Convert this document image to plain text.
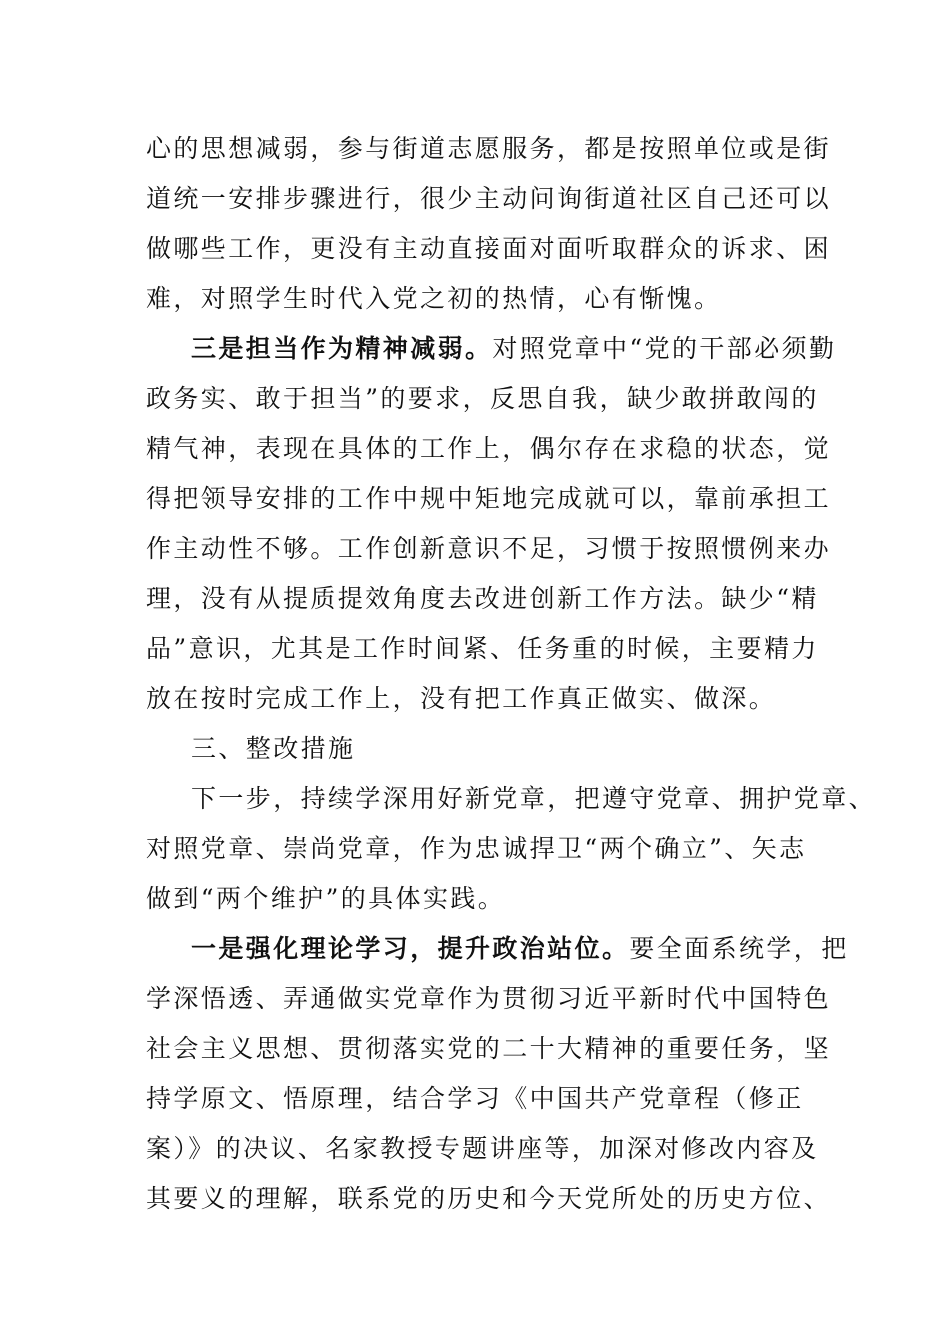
心的思想减弱，参与街道志愿服务，都是按照单位或是街
道统一安排步骤进行，很少主动问询街道社区自己还可以
做哪些工作，更没有主动直接面对面听取群众的诉求、困
难，对照学生时代入党之初的热情，心有惭愧。
三是担当作为精神减弱。对照党章中“党的干部必须勤
政务实、敢于担当”的要求，反思自我，缺少敢拼敢闯的
精气神，表现在具体的工作上，偶尔存在求稳的状态，觉
得把领导安排的工作中规中矩地完成就可以，靠前承担工
作主动性不够。工作创新意识不足，习惯于按照惯例来办
理，没有从提质提效角度去改进创新工作方法。缺少“精
品”意识，尤其是工作时间紧、任务重的时候，主要精力
放在按时完成工作上，没有把工作真正做实、做深。
三、整改措施
下一步，持续学深用好新党章，把遵守党章、拥护党章、
对照党章、崇尚党章，作为忠诚捍卫“两个确立”、矢志
做到“两个维护”的具体实践。
一是强化理论学习，提升政治站位。要全面系统学，把
学深悟透、弄通做实党章作为贯彻习近平新时代中国特色
社会主义思想、贯彻落实党的二十大精神的重要任务，坚
持学原文、悟原理，结合学习《中国共产党章程（修正
案）》的决议、名家教授专题讲座等，加深对修改内容及
其要义的理解，联系党的历史和今天党所处的历史方位、
